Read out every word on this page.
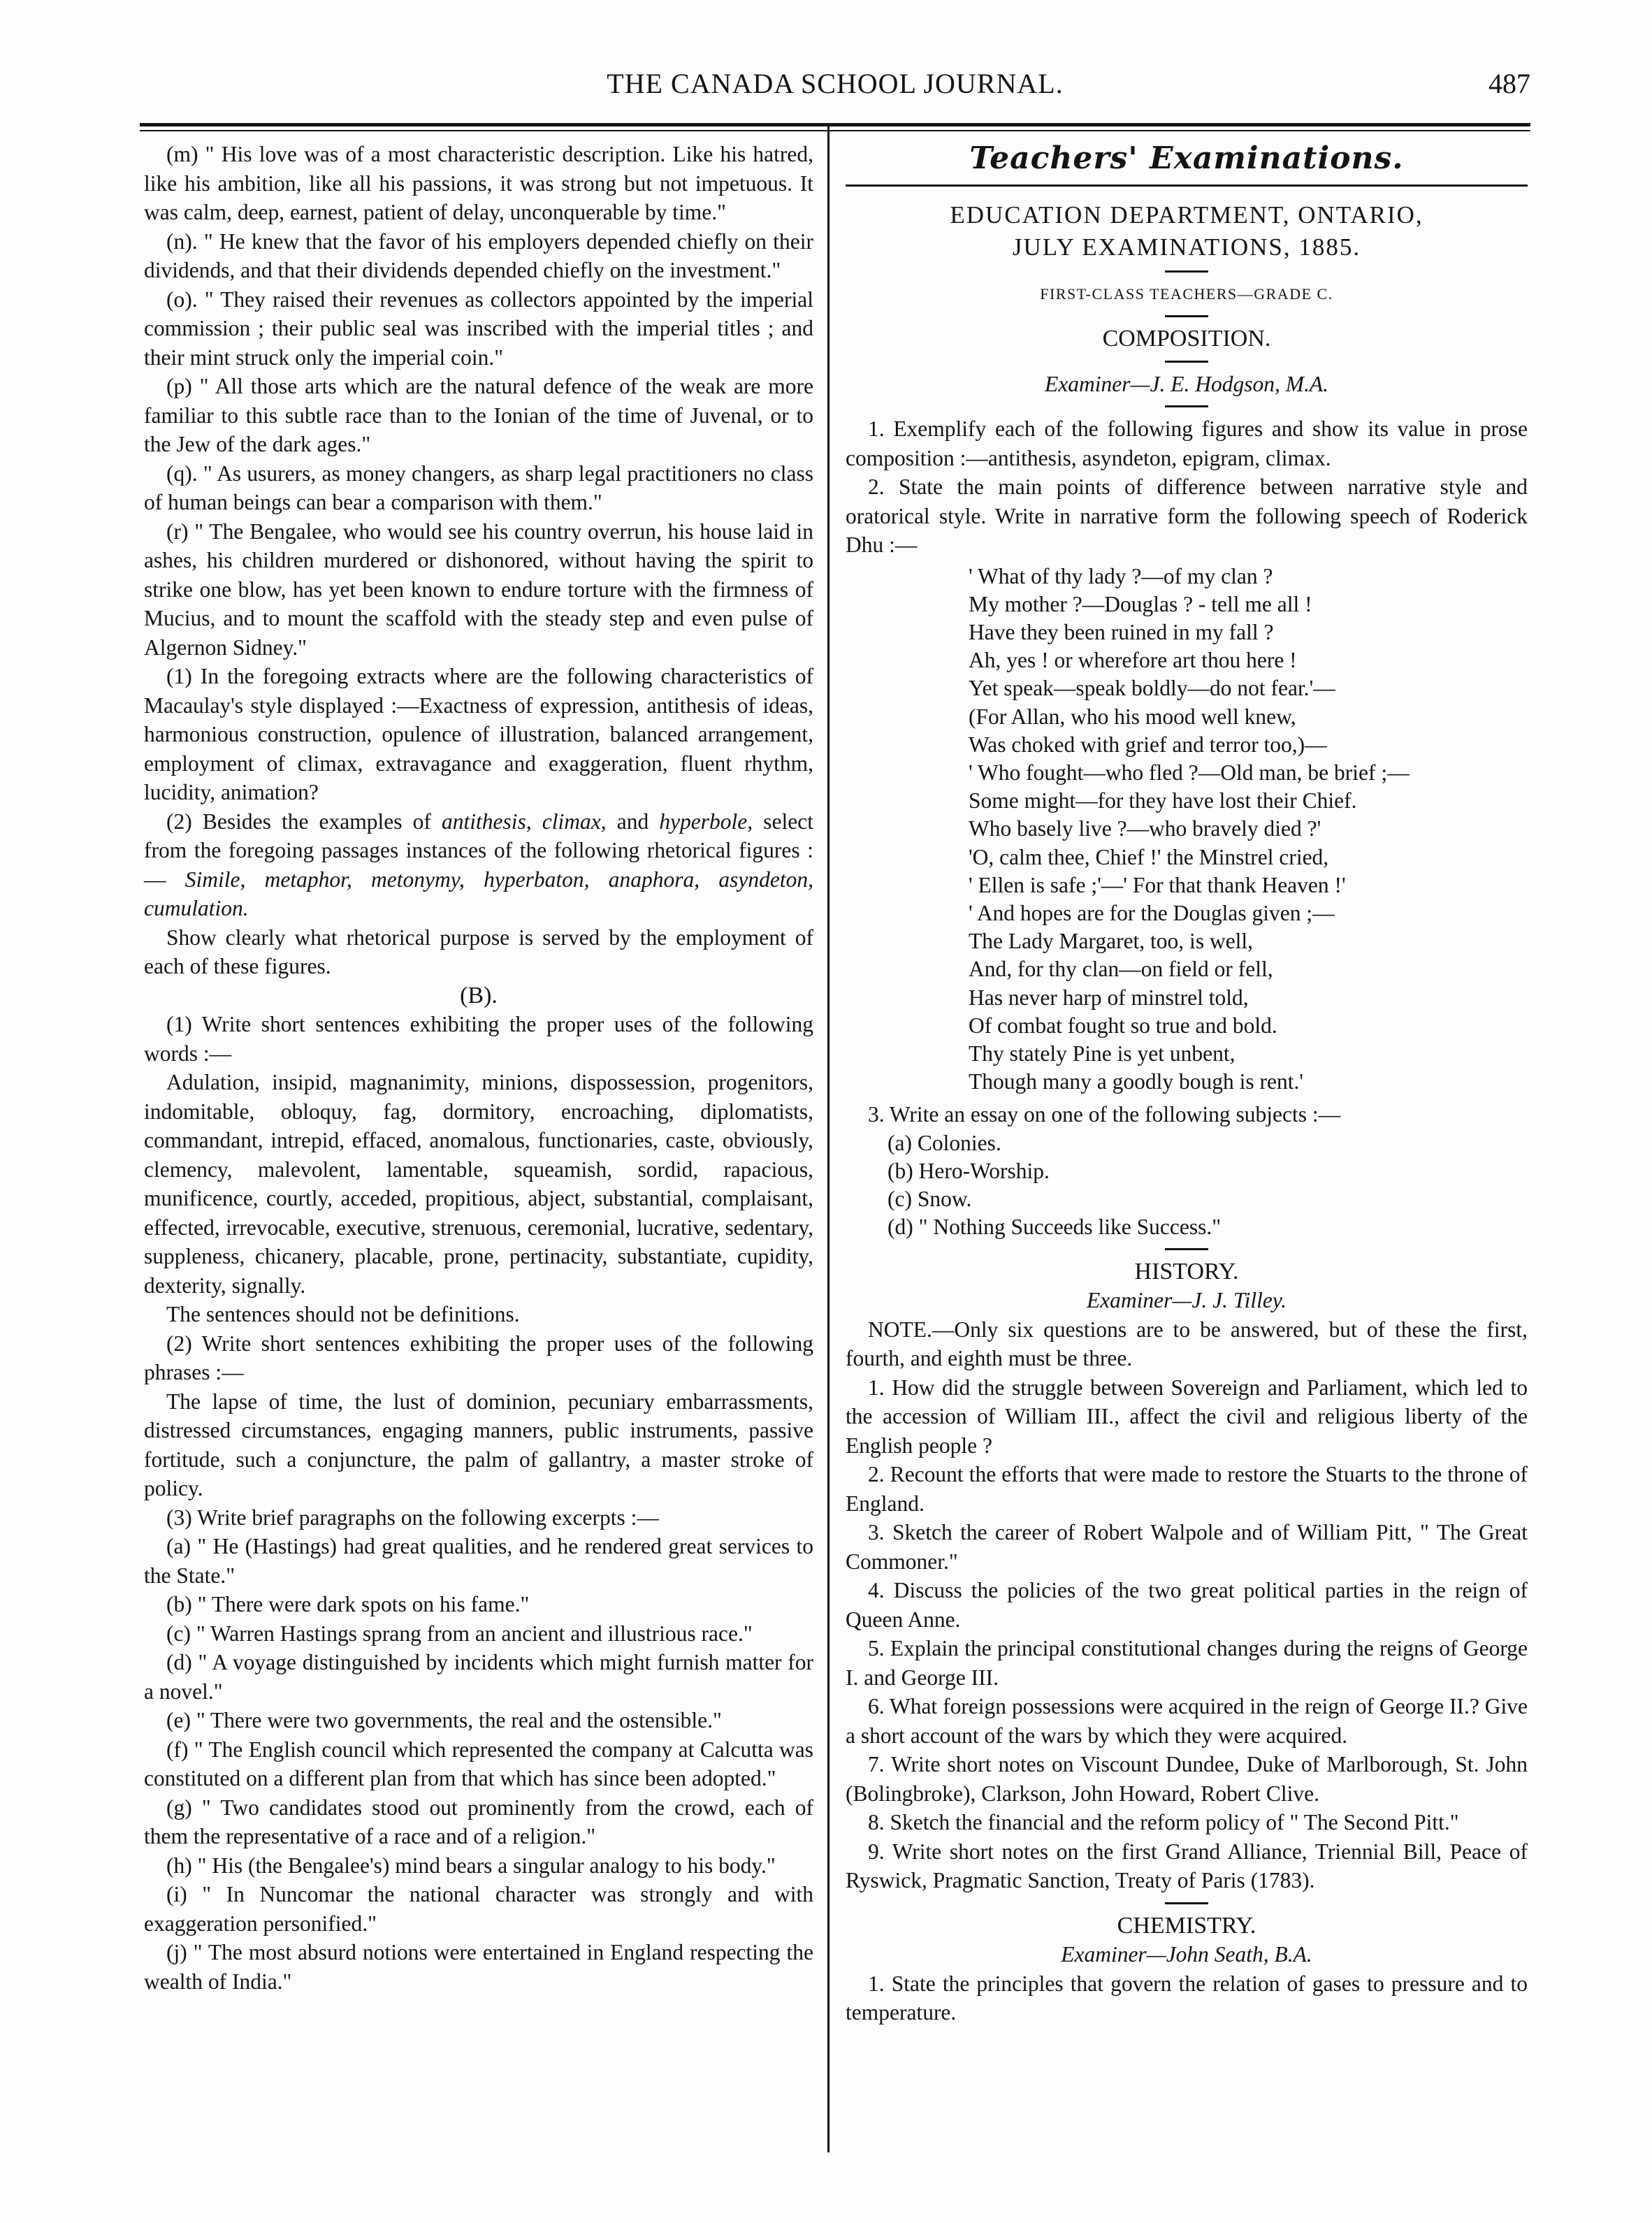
THE CANADA SCHOOL JOURNAL.	487

(m) " His love was of a most characteristic description. Like his hatred, like his ambition, like all his passions, it was strong but not impetuous. It was calm, deep, earnest, patient of delay, unconquerable by time."

(n). " He knew that the favor of his employers depended chiefly on their dividends, and that their dividends depended chiefly on the investment."

(o). " They raised their revenues as collectors appointed by the imperial commission ; their public seal was inscribed with the imperial titles ; and their mint struck only the imperial coin."

(p) " All those arts which are the natural defence of the weak are more familiar to this subtle race than to the Ionian of the time of Juvenal, or to the Jew of the dark ages."

(q). " As usurers, as money changers, as sharp legal practitioners no class of human beings can bear a comparison with them."

(r) " The Bengalee, who would see his country overrun, his house laid in ashes, his children murdered or dishonored, without having the spirit to strike one blow, has yet been known to endure torture with the firmness of Mucius, and to mount the scaffold with the steady step and even pulse of Algernon Sidney."

(1) In the foregoing extracts where are the following characteristics of Macaulay's style displayed :—Exactness of expression, antithesis of ideas, harmonious construction, opulence of illustration, balanced arrangement, employment of climax, extravagance and exaggeration, fluent rhythm, lucidity, animation?

(2) Besides the examples of antithesis, climax, and hyperbole, select from the foregoing passages instances of the following rhetorical figures :— Simile, metaphor, metonymy, hyperbaton, anaphora, asyndeton, cumulation.

Show clearly what rhetorical purpose is served by the employment of each of these figures.

(B).

(1) Write short sentences exhibiting the proper uses of the following words :—

Adulation, insipid, magnanimity, minions, dispossession, progenitors, indomitable, obloquy, fag, dormitory, encroaching, diplomatists, commandant, intrepid, effaced, anomalous, functionaries, caste, obviously, clemency, malevolent, lamentable, squeamish, sordid, rapacious, munificence, courtly, acceded, propitious, abject, substantial, complaisant, effected, irrevocable, executive, strenuous, ceremonial, lucrative, sedentary, suppleness, chicanery, placable, prone, pertinacity, substantiate, cupidity, dexterity, signally.

The sentences should not be definitions.

(2) Write short sentences exhibiting the proper uses of the following phrases :—

The lapse of time, the lust of dominion, pecuniary embarrassments, distressed circumstances, engaging manners, public instruments, passive fortitude, such a conjuncture, the palm of gallantry, a master stroke of policy.

(3) Write brief paragraphs on the following excerpts :—

(a) " He (Hastings) had great qualities, and he rendered great services to the State."

(b) " There were dark spots on his fame."

(c) " Warren Hastings sprang from an ancient and illustrious race."

(d) " A voyage distinguished by incidents which might furnish matter for a novel."

(e) " There were two governments, the real and the ostensible."

(f) " The English council which represented the company at Calcutta was constituted on a different plan from that which has since been adopted."

(g) " Two candidates stood out prominently from the crowd, each of them the representative of a race and of a religion."

(h) " His (the Bengalee's) mind bears a singular analogy to his body."

(i) " In Nuncomar the national character was strongly and with exaggeration personified."

(j) " The most absurd notions were entertained in England respecting the wealth of India."

Teachers' Examinations.

EDUCATION DEPARTMENT, ONTARIO,

JULY EXAMINATIONS, 1885.

FIRST-CLASS TEACHERS—GRADE C.

COMPOSITION.

Examiner—J. E. Hodgson, M.A.

1. Exemplify each of the following figures and show its value in prose composition :—antithesis, asyndeton, epigram, climax.

2. State the main points of difference between narrative style and oratorical style. Write in narrative form the following speech of Roderick Dhu :—

' What of thy lady ?—of my clan ?
My mother ?—Douglas ? - tell me all !
Have they been ruined in my fall ?
Ah, yes ! or wherefore art thou here !
Yet speak—speak boldly—do not fear.'—
(For Allan, who his mood well knew,
Was choked with grief and terror too,)—
' Who fought—who fled ?—Old man, be brief ;—
Some might—for they have lost their Chief.
Who basely live ?—who bravely died ?'
'O, calm thee, Chief !' the Minstrel cried,
' Ellen is safe ;'—' For that thank Heaven !'
' And hopes are for the Douglas given ;—
The Lady Margaret, too, is well,
And, for thy clan—on field or fell,
Has never harp of minstrel told,
Of combat fought so true and bold.
Thy stately Pine is yet unbent,
Though many a goodly bough is rent.'

3. Write an essay on one of the following subjects :—

(a) Colonies.
(b) Hero-Worship.
(c) Snow.
(d) " Nothing Succeeds like Success."

HISTORY.

Examiner—J. J. Tilley.

NOTE.—Only six questions are to be answered, but of these the first, fourth, and eighth must be three.

1. How did the struggle between Sovereign and Parliament, which led to the accession of William III., affect the civil and religious liberty of the English people ?

2. Recount the efforts that were made to restore the Stuarts to the throne of England.

3. Sketch the career of Robert Walpole and of William Pitt, " The Great Commoner."

4. Discuss the policies of the two great political parties in the reign of Queen Anne.

5. Explain the principal constitutional changes during the reigns of George I. and George III.

6. What foreign possessions were acquired in the reign of George II.? Give a short account of the wars by which they were acquired.

7. Write short notes on Viscount Dundee, Duke of Marlborough, St. John (Bolingbroke), Clarkson, John Howard, Robert Clive.

8. Sketch the financial and the reform policy of " The Second Pitt."

9. Write short notes on the first Grand Alliance, Triennial Bill, Peace of Ryswick, Pragmatic Sanction, Treaty of Paris (1783).

CHEMISTRY.

Examiner—John Seath, B.A.

1. State the principles that govern the relation of gases to pressure and to temperature.
